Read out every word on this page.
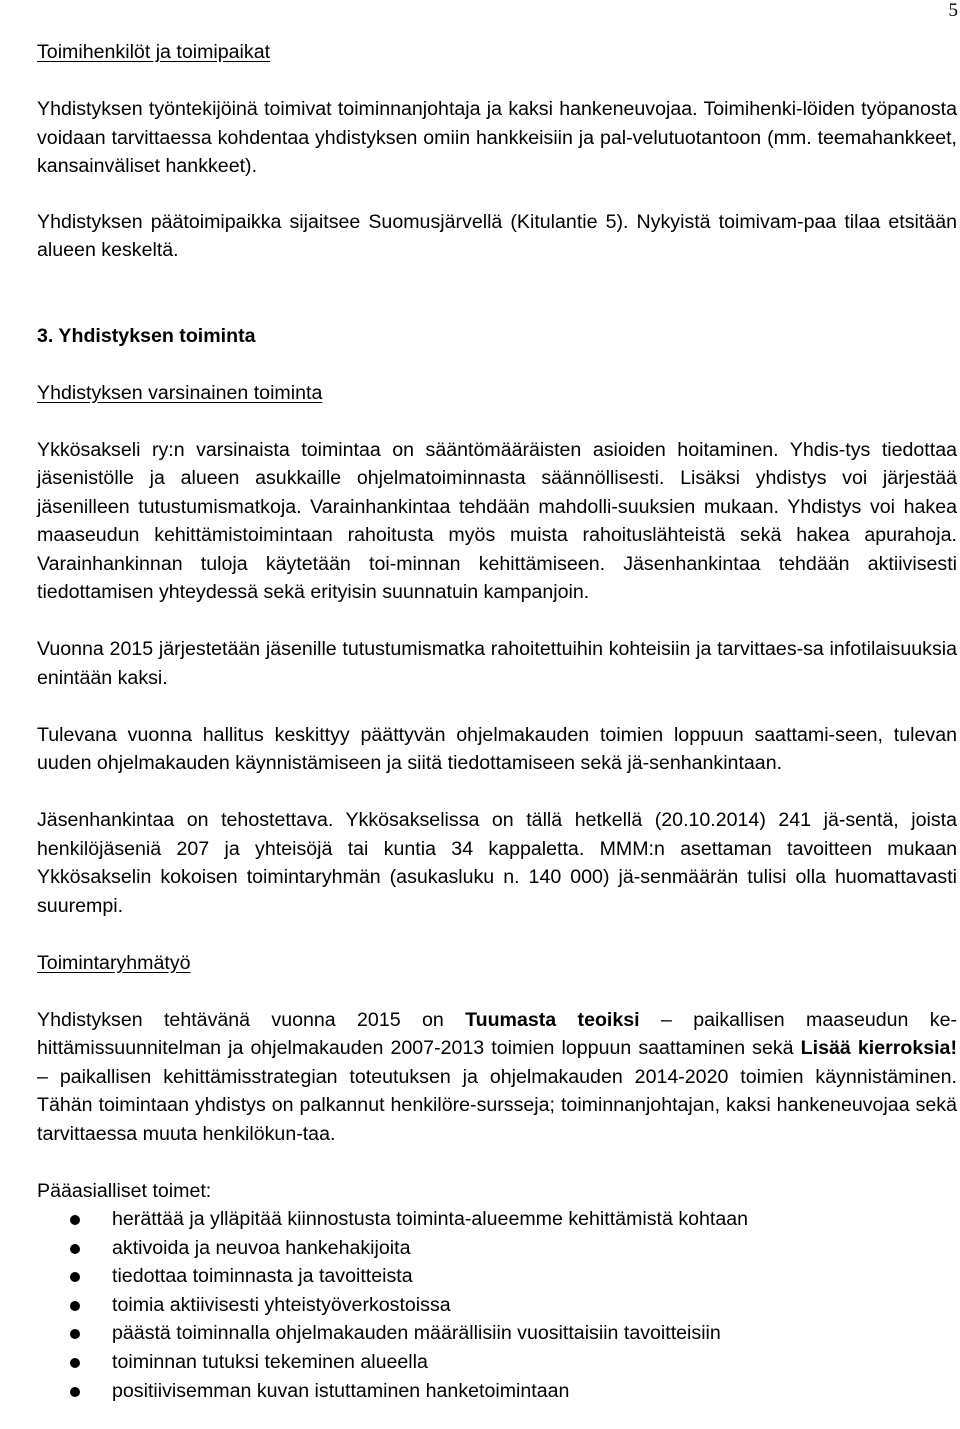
5

Toimihenkilöt ja toimipaikat

Yhdistyksen työntekijöinä toimivat toiminnanjohtaja ja kaksi hankeneuvojaa. Toimihenki-löiden työpanosta voidaan tarvittaessa kohdentaa yhdistyksen omiin hankkeisiin ja pal-velutuotantoon (mm. teemahankkeet, kansainväliset hankkeet).

Yhdistyksen päätoimipaikka sijaitsee Suomusjärvellä (Kitulantie 5). Nykyistä toimivam-paa tilaa etsitään alueen keskeltä.

3. Yhdistyksen toiminta

Yhdistyksen varsinainen toiminta

Ykkösakseli ry:n varsinaista toimintaa on sääntömääräisten asioiden hoitaminen. Yhdis-tys tiedottaa jäsenistölle ja alueen asukkaille ohjelmatoiminnasta säännöllisesti. Lisäksi yhdistys voi järjestää jäsenilleen tutustumismatkoja. Varainhankintaa tehdään mahdolli-suuksien mukaan. Yhdistys voi hakea maaseudun kehittämistoimintaan rahoitusta myös muista rahoituslähteistä sekä hakea apurahoja. Varainhankinnan tuloja käytetään toi-minnan kehittämiseen. Jäsenhankintaa tehdään aktiivisesti tiedottamisen yhteydessä sekä erityisin suunnatuin kampanjoin.

Vuonna 2015 järjestetään jäsenille tutustumismatka rahoitettuihin kohteisiin ja tarvittaes-sa infotilaisuuksia enintään kaksi.

Tulevana vuonna hallitus keskittyy päättyvän ohjelmakauden toimien loppuun saattami-seen, tulevan uuden ohjelmakauden käynnistämiseen ja siitä tiedottamiseen sekä jä-senhankintaan.

Jäsenhankintaa on tehostettava. Ykkösakselissa on tällä hetkellä (20.10.2014) 241 jä-sentä, joista henkilöjäseniä 207 ja yhteisöjä tai kuntia 34 kappaletta. MMM:n asettaman tavoitteen mukaan Ykkösakselin kokoisen toimintaryhmän (asukasluku n. 140 000) jä-senmäärän tulisi olla huomattavasti suurempi.

Toimintaryhmätyö

Yhdistyksen tehtävänä vuonna 2015 on Tuumasta teoiksi – paikallisen maaseudun ke-hittämissuunnitelman ja ohjelmakauden 2007-2013 toimien loppuun saattaminen sekä Lisää kierroksia! – paikallisen kehittämisstrategian toteutuksen ja ohjelmakauden 2014-2020 toimien käynnistäminen. Tähän toimintaan yhdistys on palkannut henkilöre-sursseja; toiminnanjohtajan, kaksi hankeneuvojaa sekä tarvittaessa muuta henkilökun-taa.

Pääasialliset toimet:

herättää ja ylläpitää kiinnostusta toiminta-alueemme kehittämistä kohtaan
aktivoida ja neuvoa hankehakijoita
tiedottaa toiminnasta ja tavoitteista
toimia aktiivisesti yhteistyöverkostoissa
päästä toiminnalla ohjelmakauden määrällisiin vuosittaisiin tavoitteisiin
toiminnan tutuksi tekeminen alueella
positiivisemman kuvan istuttaminen hanketoimintaan
